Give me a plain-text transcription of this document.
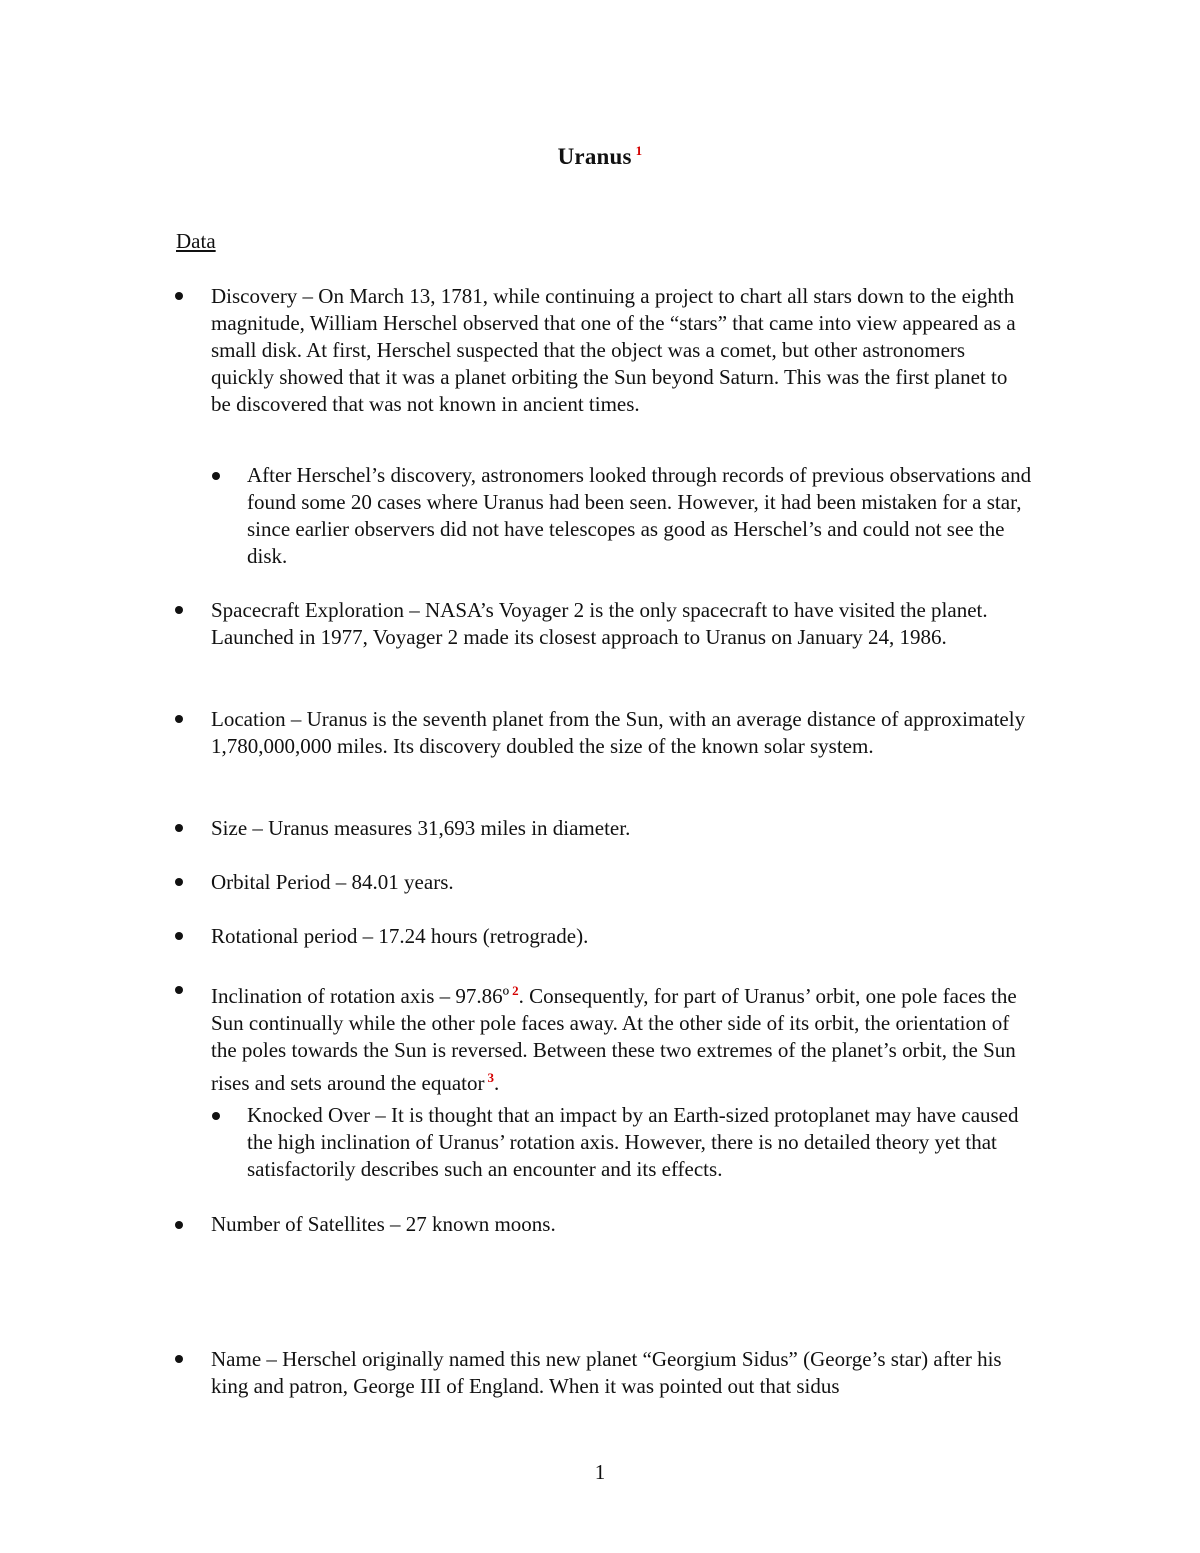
Uranus $^1$
Data
Discovery – On March 13, 1781, while continuing a project to chart all stars down to the eighth magnitude, William Herschel observed that one of the “stars” that came into view appeared as a small disk. At first, Herschel suspected that the object was a comet, but other astronomers quickly showed that it was a planet orbiting the Sun beyond Saturn. This was the first planet to be discovered that was not known in ancient times.
After Herschel’s discovery, astronomers looked through records of previous observations and found some 20 cases where Uranus had been seen. However, it had been mistaken for a star, since earlier observers did not have telescopes as good as Herschel’s and could not see the disk.
Spacecraft Exploration – NASA’s Voyager 2 is the only spacecraft to have visited the planet. Launched in 1977, Voyager 2 made its closest approach to Uranus on January 24, 1986.
Location – Uranus is the seventh planet from the Sun, with an average distance of approximately 1,780,000,000 miles. Its discovery doubled the size of the known solar system.
Size – Uranus measures 31,693 miles in diameter.
Orbital Period – 84.01 years.
Rotational period – 17.24 hours (retrograde).
Inclination of rotation axis – 97.86º $^2$. Consequently, for part of Uranus’ orbit, one pole faces the Sun continually while the other pole faces away. At the other side of its orbit, the orientation of the poles towards the Sun is reversed. Between these two extremes of the planet’s orbit, the Sun rises and sets around the equator $^3$.
Knocked Over – It is thought that an impact by an Earth-sized protoplanet may have caused the high inclination of Uranus’ rotation axis. However, there is no detailed theory yet that satisfactorily describes such an encounter and its effects.
Number of Satellites – 27 known moons.
Name – Herschel originally named this new planet “Georgium Sidus” (George’s star) after his king and patron, George III of England. When it was pointed out that sidus
1
